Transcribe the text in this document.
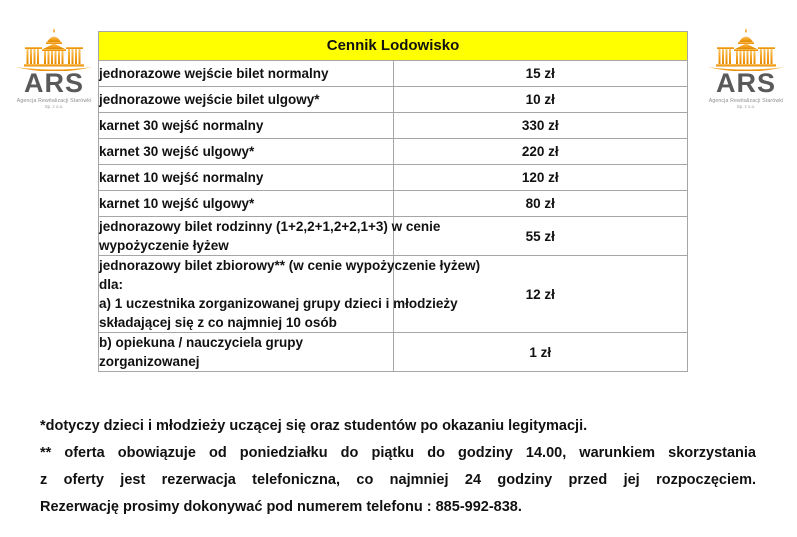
ARS
Agencja Rewitalizacji Starówki
Sp. z o.o.
ARS
Agencja Rewitalizacji Starówki
Sp. z o.o.
Cennik Lodowisko	
jednorazowe wejście bilet normalny	15 zł
jednorazowe wejście bilet ulgowy*	10 zł
karnet 30 wejść normalny	330 zł
karnet 30 wejść ulgowy*	220 zł
karnet 10 wejść normalny	120 zł
karnet 10 wejść ulgowy*	80 zł

jednorazowy bilet rodzinny (1+2,2+1,2+2,1+3) w cenie
wypożyczenie łyżew	55 zł

jednorazowy bilet zbiorowy** (w cenie wypożyczenie łyżew)
dla:
a) 1 uczestnika zorganizowanej grupy dzieci i młodzieży
składającej się z co najmniej 10 osób	12 zł
b) opiekuna / nauczyciela grupy zorganizowanej	1 zł
*dotyczy dzieci i młodzieży uczącej się oraz studentów po okazaniu legitymacji.
** oferta obowiązuje od poniedziałku do piątku do godziny 14.00, warunkiem skorzystania
z oferty jest rezerwacja telefoniczna, co najmniej 24 godziny przed jej rozpoczęciem.
Rezerwację prosimy dokonywać pod numerem telefonu : 885-992-838.
